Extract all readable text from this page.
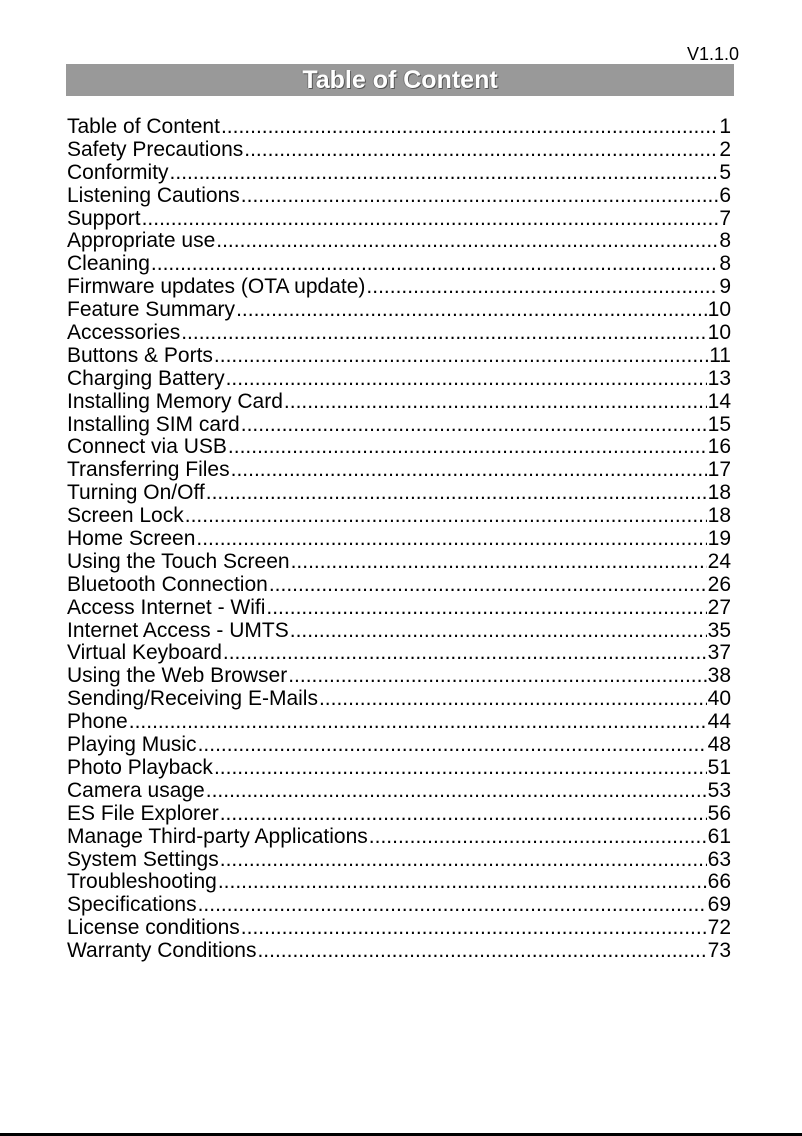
V1.1.0
Table of Content
Table of Content .....	1
Safety Precautions .....	2
Conformity .....	5
Listening Cautions .....	6
Support .....	7
Appropriate use .....	8
Cleaning .....	8
Firmware updates (OTA update) .....	9
Feature Summary .....	10
Accessories .....	10
Buttons & Ports .....	11
Charging Battery .....	13
Installing Memory Card .....	14
Installing SIM card .....	15
Connect via USB .....	16
Transferring Files .....	17
Turning On/Off .....	18
Screen Lock .....	18
Home Screen .....	19
Using the Touch Screen .....	24
Bluetooth Connection .....	26
Access Internet - Wifi .....	27
Internet Access - UMTS .....	35
Virtual Keyboard .....	37
Using the Web Browser .....	38
Sending/Receiving E-Mails .....	40
Phone .....	44
Playing Music .....	48
Photo Playback .....	51
Camera usage .....	53
ES File Explorer .....	56
Manage Third-party Applications .....	61
System Settings .....	63
Troubleshooting .....	66
Specifications .....	69
License conditions .....	72
Warranty Conditions .....	73
